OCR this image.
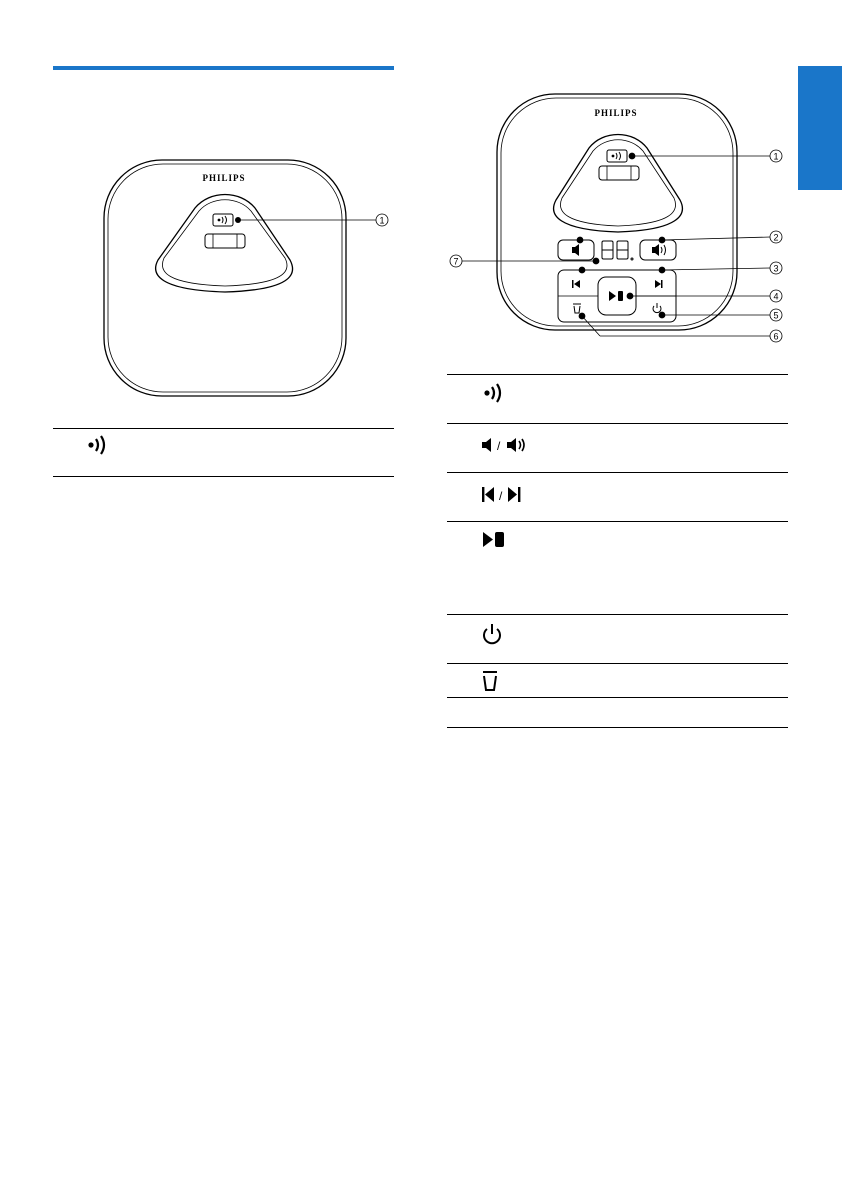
PHILIPS
1
PHILIPS
1
2
3
4
5
6
7
/
/
